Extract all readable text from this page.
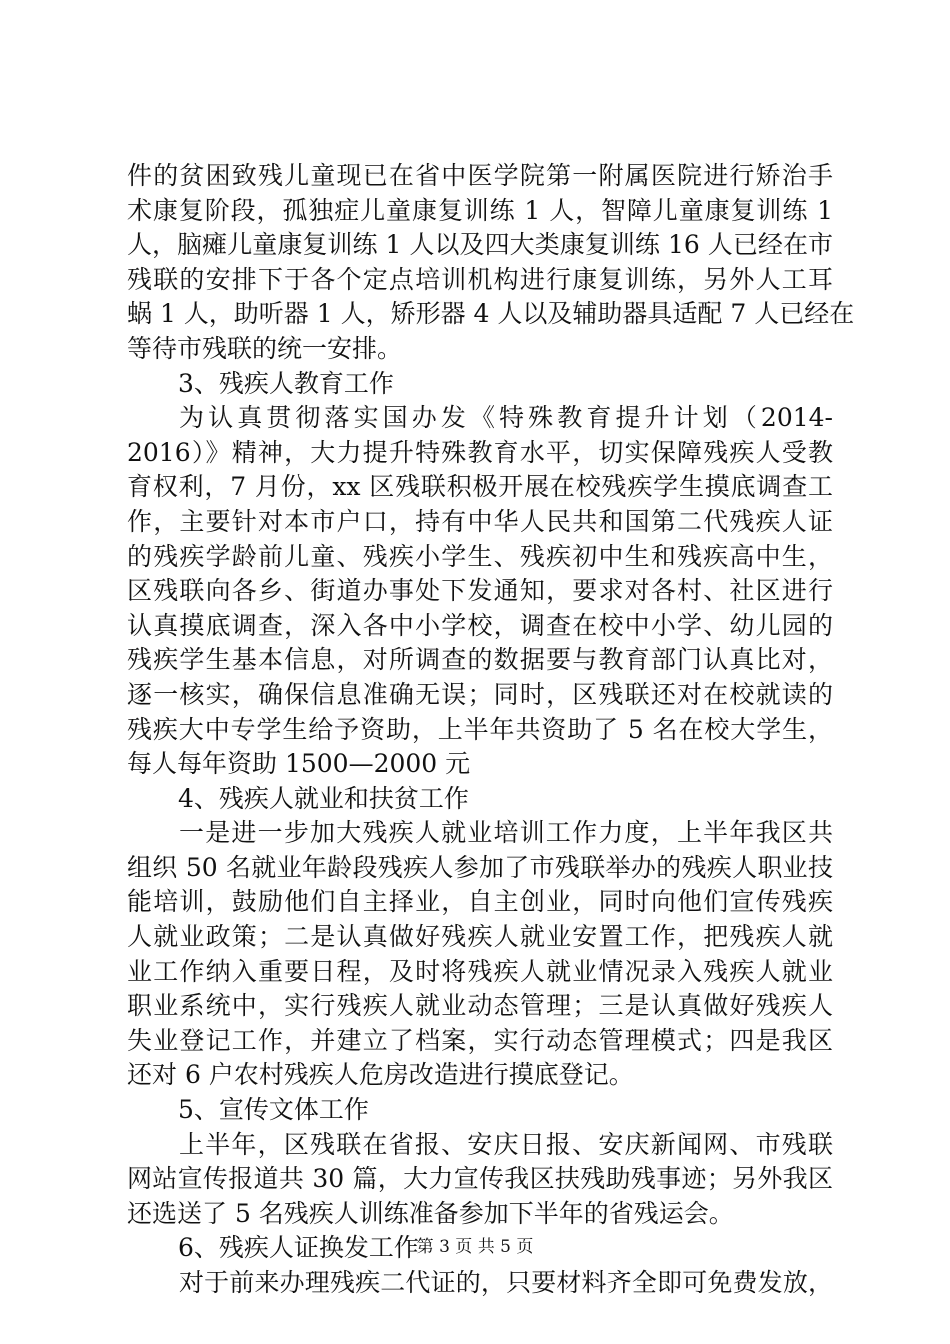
件的贫困致残儿童现已在省中医学院第一附属医院进行矫治手
术康复阶段，孤独症儿童康复训练 1 人，智障儿童康复训练 1
人，脑瘫儿童康复训练 1 人以及四大类康复训练 16 人已经在市
残联的安排下于各个定点培训机构进行康复训练，另外人工耳
蜗 1 人，助听器 1 人，矫形器 4 人以及辅助器具适配 7 人已经在
等待市残联的统一安排。
3、残疾人教育工作
为认真贯彻落实国办发《特殊教育提升计划（2014-
2016）》精神，大力提升特殊教育水平，切实保障残疾人受教
育权利，7 月份，xx 区残联积极开展在校残疾学生摸底调查工
作，主要针对本市户口，持有中华人民共和国第二代残疾人证
的残疾学龄前儿童、残疾小学生、残疾初中生和残疾高中生，
区残联向各乡、街道办事处下发通知，要求对各村、社区进行
认真摸底调查，深入各中小学校，调查在校中小学、幼儿园的
残疾学生基本信息，对所调查的数据要与教育部门认真比对，
逐一核实，确保信息准确无误；同时，区残联还对在校就读的
残疾大中专学生给予资助，上半年共资助了 5 名在校大学生，
每人每年资助 1500—2000 元
4、残疾人就业和扶贫工作
一是进一步加大残疾人就业培训工作力度，上半年我区共
组织 50 名就业年龄段残疾人参加了市残联举办的残疾人职业技
能培训，鼓励他们自主择业，自主创业，同时向他们宣传残疾
人就业政策；二是认真做好残疾人就业安置工作，把残疾人就
业工作纳入重要日程，及时将残疾人就业情况录入残疾人就业
职业系统中，实行残疾人就业动态管理；三是认真做好残疾人
失业登记工作，并建立了档案，实行动态管理模式；四是我区
还对 6 户农村残疾人危房改造进行摸底登记。
5、宣传文体工作
上半年，区残联在省报、安庆日报、安庆新闻网、市残联
网站宣传报道共 30 篇，大力宣传我区扶残助残事迹；另外我区
还选送了 5 名残疾人训练准备参加下半年的省残运会。
6、残疾人证换发工作
对于前来办理残疾二代证的，只要材料齐全即可免费发放，
第 3 页 共 5 页
